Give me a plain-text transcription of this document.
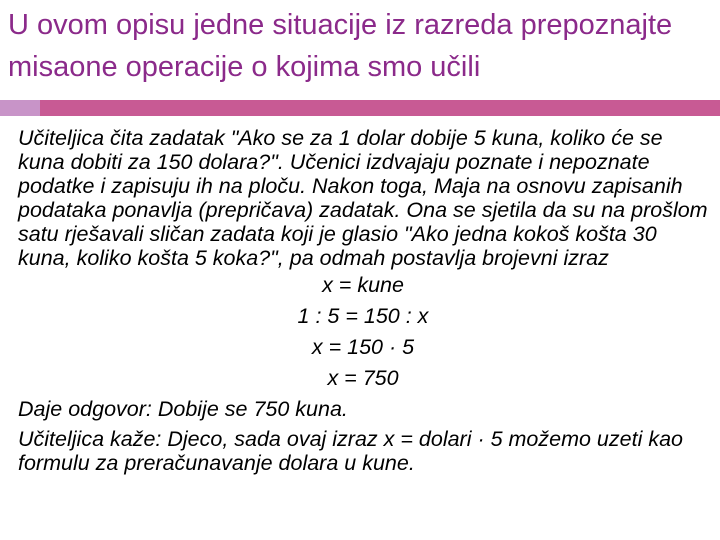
U ovom opisu jedne situacije iz razreda prepoznajte misaone operacije o kojima smo učili

Učiteljica čita zadatak "Ako se za 1 dolar dobije 5 kuna, koliko će se kuna dobiti za 150 dolara?". Učenici izdvajaju poznate i nepoznate podatke i zapisuju ih na ploču. Nakon toga, Maja na osnovu zapisanih podataka ponavlja (prepričava) zadatak. Ona se sjetila da su na prošlom satu rješavali sličan zadata koji je glasio "Ako jedna kokoš košta 30 kuna, koliko košta 5 koka?", pa odmah postavlja brojevni izraz

x = kune

1 : 5 = 150 : x

x = 150 · 5

x = 750

Daje odgovor: Dobije se 750 kuna.

Učiteljica kaže: Djeco, sada ovaj izraz x = dolari · 5 možemo uzeti kao formulu za preračunavanje dolara u kune.
